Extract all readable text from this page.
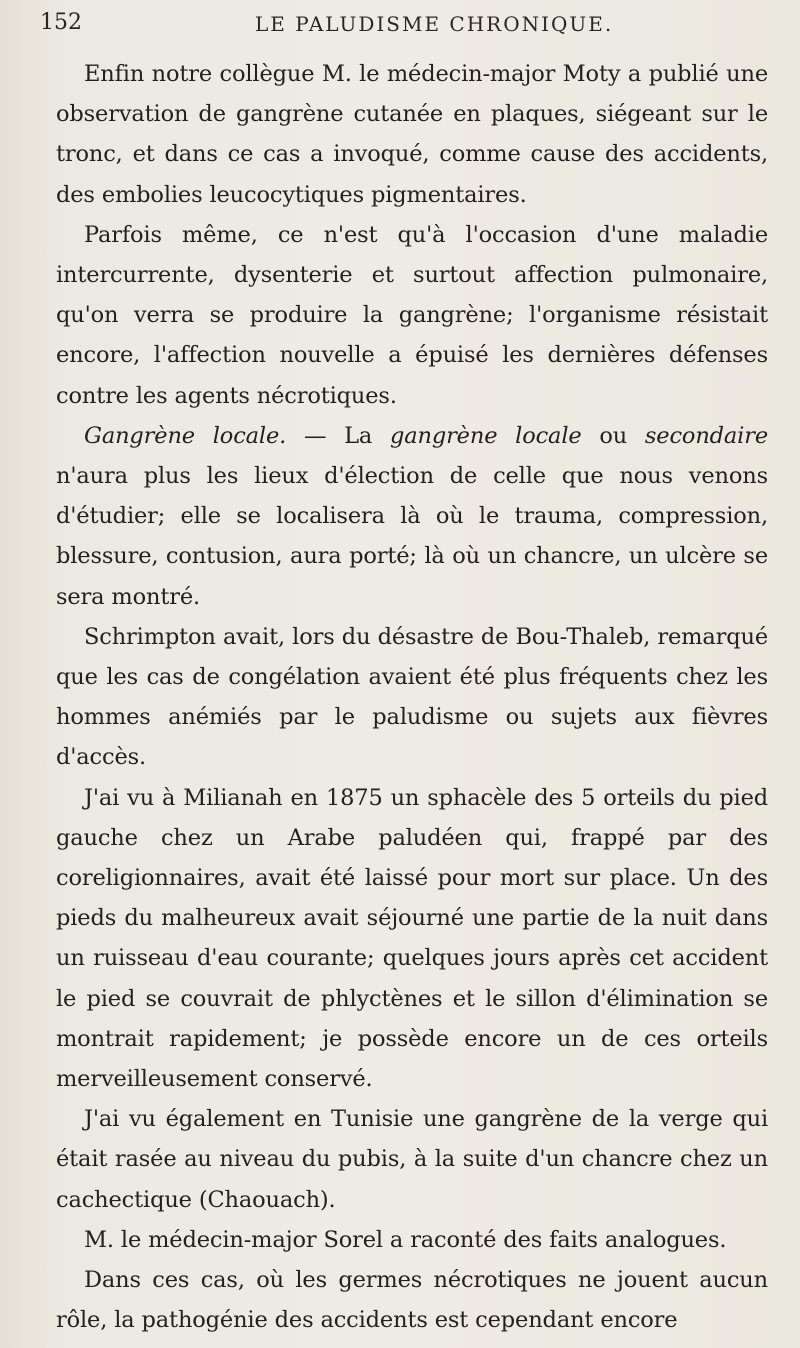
152	LE PALUDISME CHRONIQUE.

Enfin notre collègue M. le médecin-major Moty a publié une observation de gangrène cutanée en plaques, siégeant sur le tronc, et dans ce cas a invoqué, comme cause des accidents, des embolies leucocytiques pigmentaires.

Parfois même, ce n'est qu'à l'occasion d'une maladie intercurrente, dysenterie et surtout affection pulmonaire, qu'on verra se produire la gangrène; l'organisme résistait encore, l'affection nouvelle a épuisé les dernières défenses contre les agents nécrotiques.

Gangrène locale. — La gangrène locale ou secondaire n'aura plus les lieux d'élection de celle que nous venons d'étudier; elle se localisera là où le trauma, compression, blessure, contusion, aura porté; là où un chancre, un ulcère se sera montré.

Schrimpton avait, lors du désastre de Bou-Thaleb, remarqué que les cas de congélation avaient été plus fréquents chez les hommes anémiés par le paludisme ou sujets aux fièvres d'accès.

J'ai vu à Milianah en 1875 un sphacèle des 5 orteils du pied gauche chez un Arabe paludéen qui, frappé par des coreligionnaires, avait été laissé pour mort sur place. Un des pieds du malheureux avait séjourné une partie de la nuit dans un ruisseau d'eau courante; quelques jours après cet accident le pied se couvrait de phlyctènes et le sillon d'élimination se montrait rapidement; je possède encore un de ces orteils merveilleusement conservé.

J'ai vu également en Tunisie une gangrène de la verge qui était rasée au niveau du pubis, à la suite d'un chancre chez un cachectique (Chaouach).

M. le médecin-major Sorel a raconté des faits analogues.

Dans ces cas, où les germes nécrotiques ne jouent aucun rôle, la pathogénie des accidents est cependant encore
